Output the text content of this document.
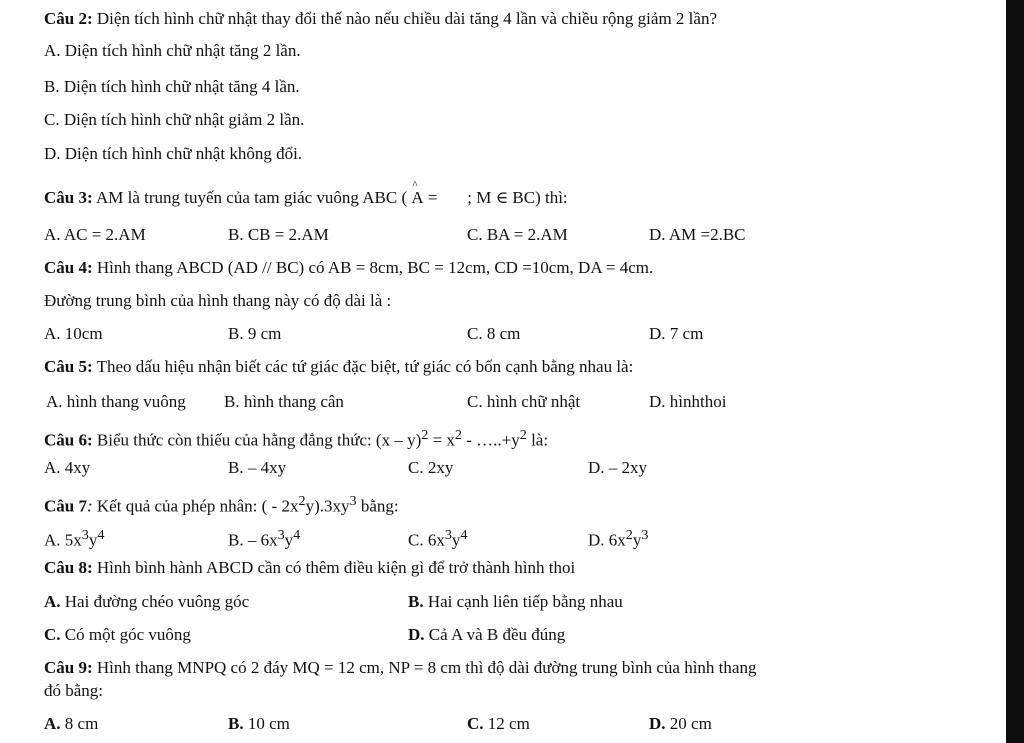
Câu 2: Diện tích hình chữ nhật thay đổi thế nào nếu chiều dài tăng 4 lần và chiều rộng giảm 2 lần?
A. Diện tích hình chữ nhật tăng 2 lần.
B. Diện tích hình chữ nhật tăng 4 lần.
C. Diện tích hình chữ nhật giảm 2 lần.
D. Diện tích hình chữ nhật không đổi.
Câu 3: AM là trung tuyến của tam giác vuông ABC (
^
A =       ; M ∈ BC) thì:
A. AC = 2.AM	B. CB = 2.AM	C. BA = 2.AM	D. AM =2.BC
Câu 4: Hình thang ABCD (AD // BC) có AB = 8cm, BC = 12cm, CD =10cm, DA = 4cm.
Đường trung bình của hình thang này có độ dài là :
A. 10cm	B. 9 cm	C. 8 cm	D. 7 cm
Câu 5: Theo dấu hiệu nhận biết các tứ giác đặc biệt, tứ giác có bốn cạnh bằng nhau là:
A. hình thang vuông B. hình thang cân	C. hình chữ nhật	D. hìnhthoi
Câu 6: Biểu thức còn thiếu của hằng đẳng thức: $(x - y)^2 = x^2$ - $\dots..+y^2$ là:
A. 4xy	B. – 4xy	C. 2xy	D. – 2xy
Câu 7: Kết quả của phép nhân: ( - $2x^2y).3xy^3$ bằng:
A. $5x^3y^4$	B. – $6x^3y^4$	C. $6x^3y^4$	D. $6x^2y^3$
Câu 8: Hình bình hành ABCD cần có thêm điều kiện gì để trở thành hình thoi
A. Hai đường chéo vuông góc	B. Hai cạnh liên tiếp bằng nhau
C. Có một góc vuông	D. Cả A và B đều đúng
Câu 9: Hình thang MNPQ có 2 đáy MQ = 12 cm, NP = 8 cm thì độ dài đường trung bình của hình thang
đó bằng:
A. 8 cm	B. 10 cm	C. 12 cm	D. 20 cm
